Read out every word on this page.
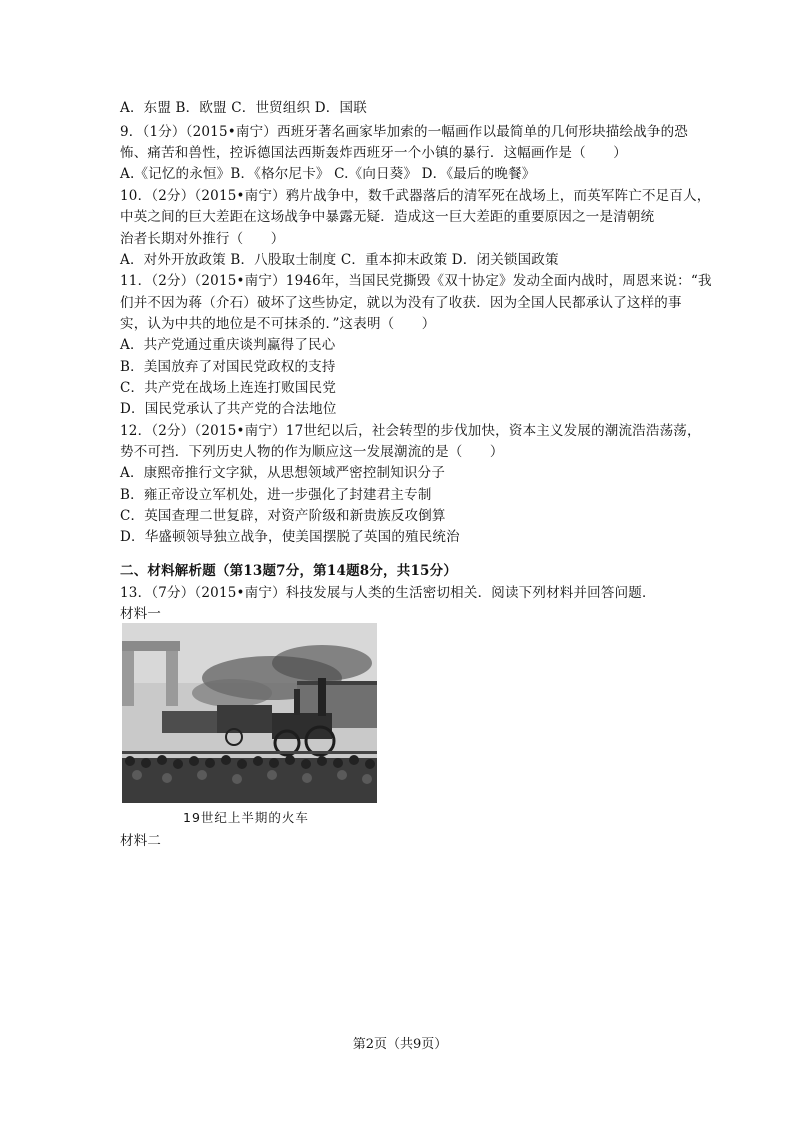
A．东盟 B．欧盟 C．世贸组织 D．国联
9．（1分）（2015•南宁）西班牙著名画家毕加索的一幅画作以最简单的几何形块描绘战争的恐
怖、痛苦和兽性，控诉德国法西斯轰炸西班牙一个小镇的暴行．这幅画作是（　　）
A.《记忆的永恒》B．《格尔尼卡》 C.《向日葵》 D．《最后的晚餐》
10．（2分）（2015•南宁）鸦片战争中，数千武器落后的清军死在战场上，而英军阵亡不足百人，
中英之间的巨大差距在这场战争中暴露无疑．造成这一巨大差距的重要原因之一是清朝统
治者长期对外推行（　　）
A．对外开放政策 B．八股取士制度 C．重本抑末政策 D．闭关锁国政策
11．（2分）（2015•南宁）1946年，当国民党撕毁《双十协定》发动全面内战时，周恩来说：“我
们并不因为蒋（介石）破坏了这些协定，就以为没有了收获．因为全国人民都承认了这样的事
实，认为中共的地位是不可抹杀的．”这表明（　　）
A．共产党通过重庆谈判赢得了民心
B．美国放弃了对国民党政权的支持
C．共产党在战场上连连打败国民党
D．国民党承认了共产党的合法地位
12．（2分）（2015•南宁）17世纪以后，社会转型的步伐加快，资本主义发展的潮流浩浩荡荡，
势不可挡．下列历史人物的作为顺应这一发展潮流的是（　　）
A．康熙帝推行文字狱，从思想领域严密控制知识分子
B．雍正帝设立军机处，进一步强化了封建君主专制
C．英国查理二世复辟，对资产阶级和新贵族反攻倒算
D．华盛顿领导独立战争，使美国摆脱了英国的殖民统治
二、材料解析题（第13题7分，第14题8分，共15分）
13．（7分）（2015•南宁）科技发展与人类的生活密切相关．阅读下列材料并回答问题．
材料一
19世纪上半期的火车
材料二
第2页（共9页）
